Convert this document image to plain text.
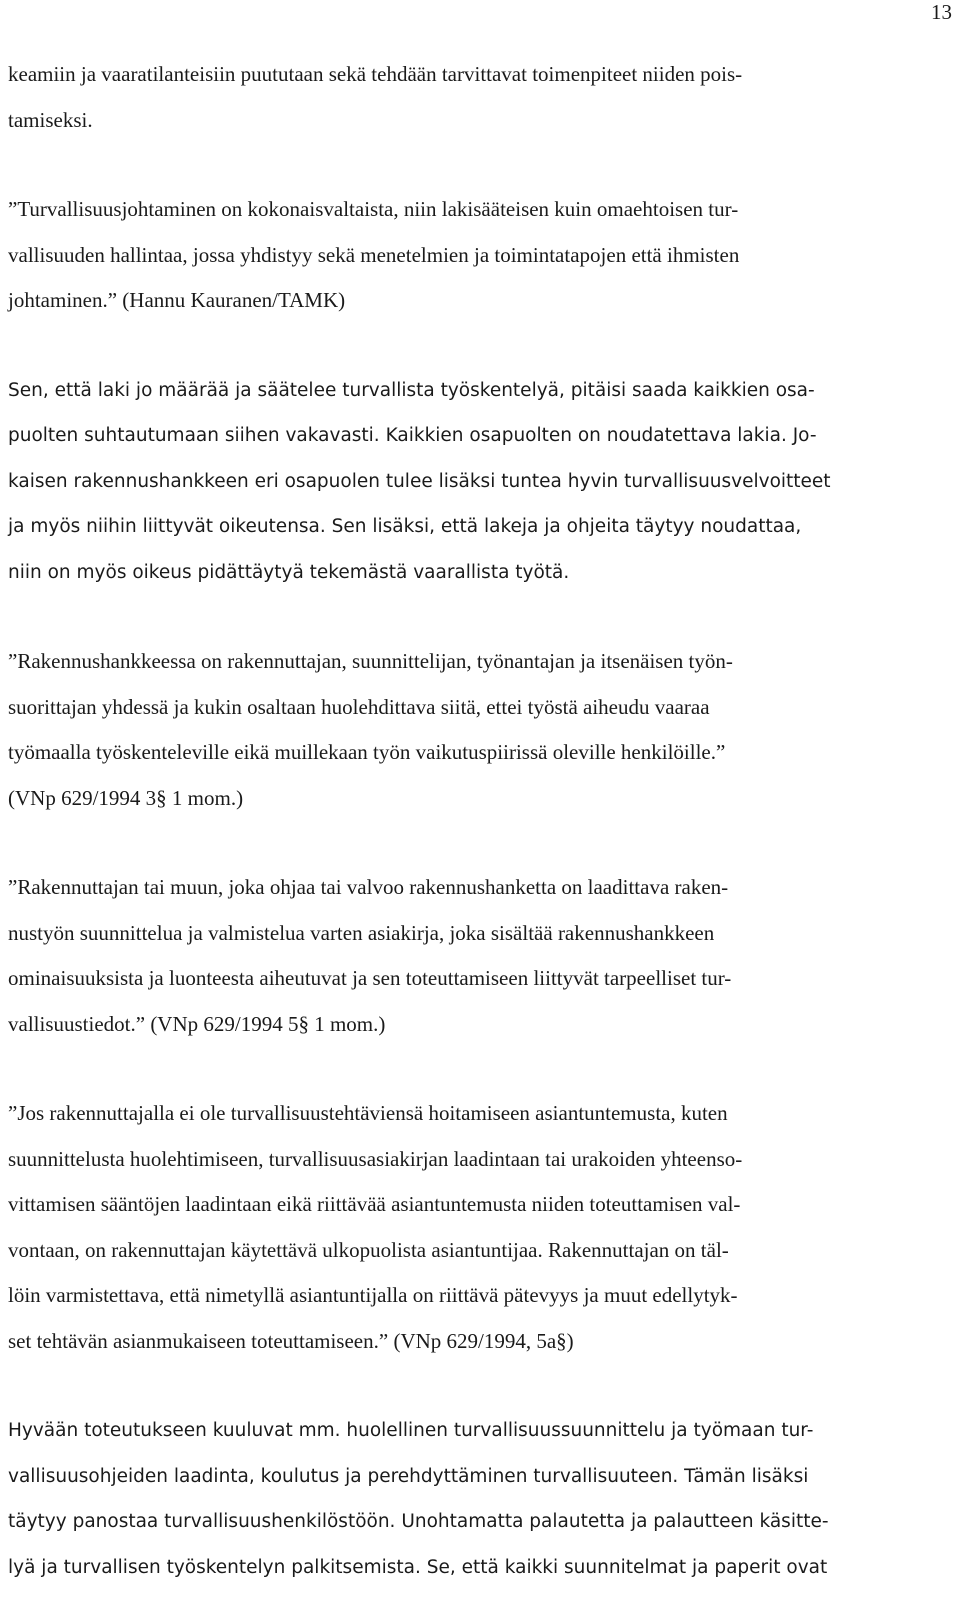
13

keamiin ja vaaratilanteisiin puututaan sekä tehdään tarvittavat toimenpiteet niiden pois-
tamiseksi.

”Turvallisuusjohtaminen on kokonaisvaltaista, niin lakisääteisen kuin omaehtoisen tur-
vallisuuden hallintaa, jossa yhdistyy sekä menetelmien ja toimintatapojen että ihmisten
johtaminen.” (Hannu Kauranen/TAMK)

Sen, että laki jo määrää ja säätelee turvallista työskentelyä, pitäisi saada kaikkien osa-
puolten suhtautumaan siihen vakavasti. Kaikkien osapuolten on noudatettava lakia. Jo-
kaisen rakennushankkeen eri osapuolen tulee lisäksi tuntea hyvin turvallisuusvelvoitteet
ja myös niihin liittyvät oikeutensa. Sen lisäksi, että lakeja ja ohjeita täytyy noudattaa,
niin on myös oikeus pidättäytyä tekemästä vaarallista työtä.

”Rakennushankkeessa on rakennuttajan, suunnittelijan, työnantajan ja itsenäisen työn-
suorittajan yhdessä ja kukin osaltaan huolehdittava siitä, ettei työstä aiheudu vaaraa
työmaalla työskenteleville eikä muillekaan työn vaikutuspiirissä oleville henkilöille.”
(VNp 629/1994 3§ 1 mom.)

”Rakennuttajan tai muun, joka ohjaa tai valvoo rakennushanketta on laadittava raken-
nustyön suunnittelua ja valmistelua varten asiakirja, joka sisältää rakennushankkeen
ominaisuuksista ja luonteesta aiheutuvat ja sen toteuttamiseen liittyvät tarpeelliset tur-
vallisuustiedot.” (VNp 629/1994 5§ 1 mom.)

”Jos rakennuttajalla ei ole turvallisuustehtäviensä hoitamiseen asiantuntemusta, kuten
suunnittelusta huolehtimiseen, turvallisuusasiakirjan laadintaan tai urakoiden yhteenso-
vittamisen sääntöjen laadintaan eikä riittävää asiantuntemusta niiden toteuttamisen val-
vontaan, on rakennuttajan käytettävä ulkopuolista asiantuntijaa. Rakennuttajan on täl-
löin varmistettava, että nimetyllä asiantuntijalla on riittävä pätevyys ja muut edellytyk-
set tehtävän asianmukaiseen toteuttamiseen.” (VNp 629/1994, 5a§)

Hyvään toteutukseen kuuluvat mm. huolellinen turvallisuussuunnittelu ja työmaan tur-
vallisuusohjeiden laadinta, koulutus ja perehdyttäminen turvallisuuteen. Tämän lisäksi
täytyy panostaa turvallisuushenkilöstöön. Unohtamatta palautetta ja palautteen käsitte-
lyä ja turvallisen työskentelyn palkitsemista. Se, että kaikki suunnitelmat ja paperit ovat
